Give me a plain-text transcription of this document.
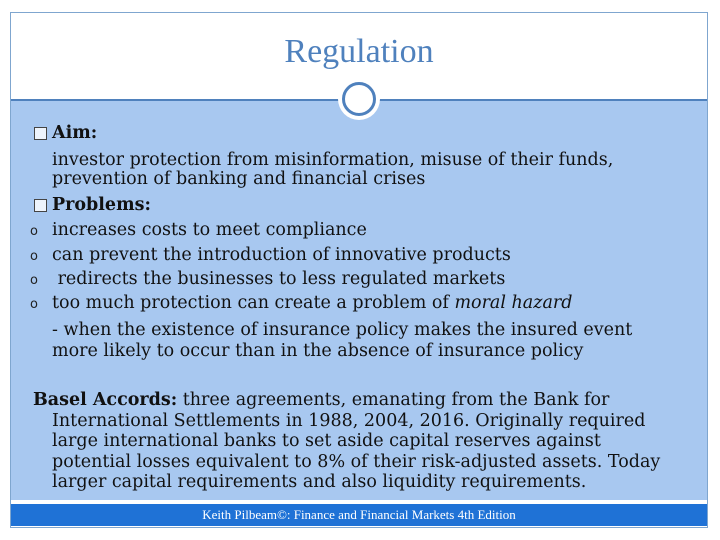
Regulation
Aim:
investor protection from misinformation, misuse of their funds,
prevention of banking and financial crises
Problems:
o increases costs to meet compliance
o can prevent the introduction of innovative products
o redirects the businesses to less regulated markets
o too much protection can create a problem of moral hazard
- when the existence of insurance policy makes the insured event
more likely to occur than in the absence of insurance policy
Basel Accords: three agreements, emanating from the Bank for
International Settlements in 1988, 2004, 2016. Originally required
large international banks to set aside capital reserves against
potential losses equivalent to 8% of their risk-adjusted assets. Today
larger capital requirements and also liquidity requirements.
Keith Pilbeam©: Finance and Financial Markets 4th Edition
